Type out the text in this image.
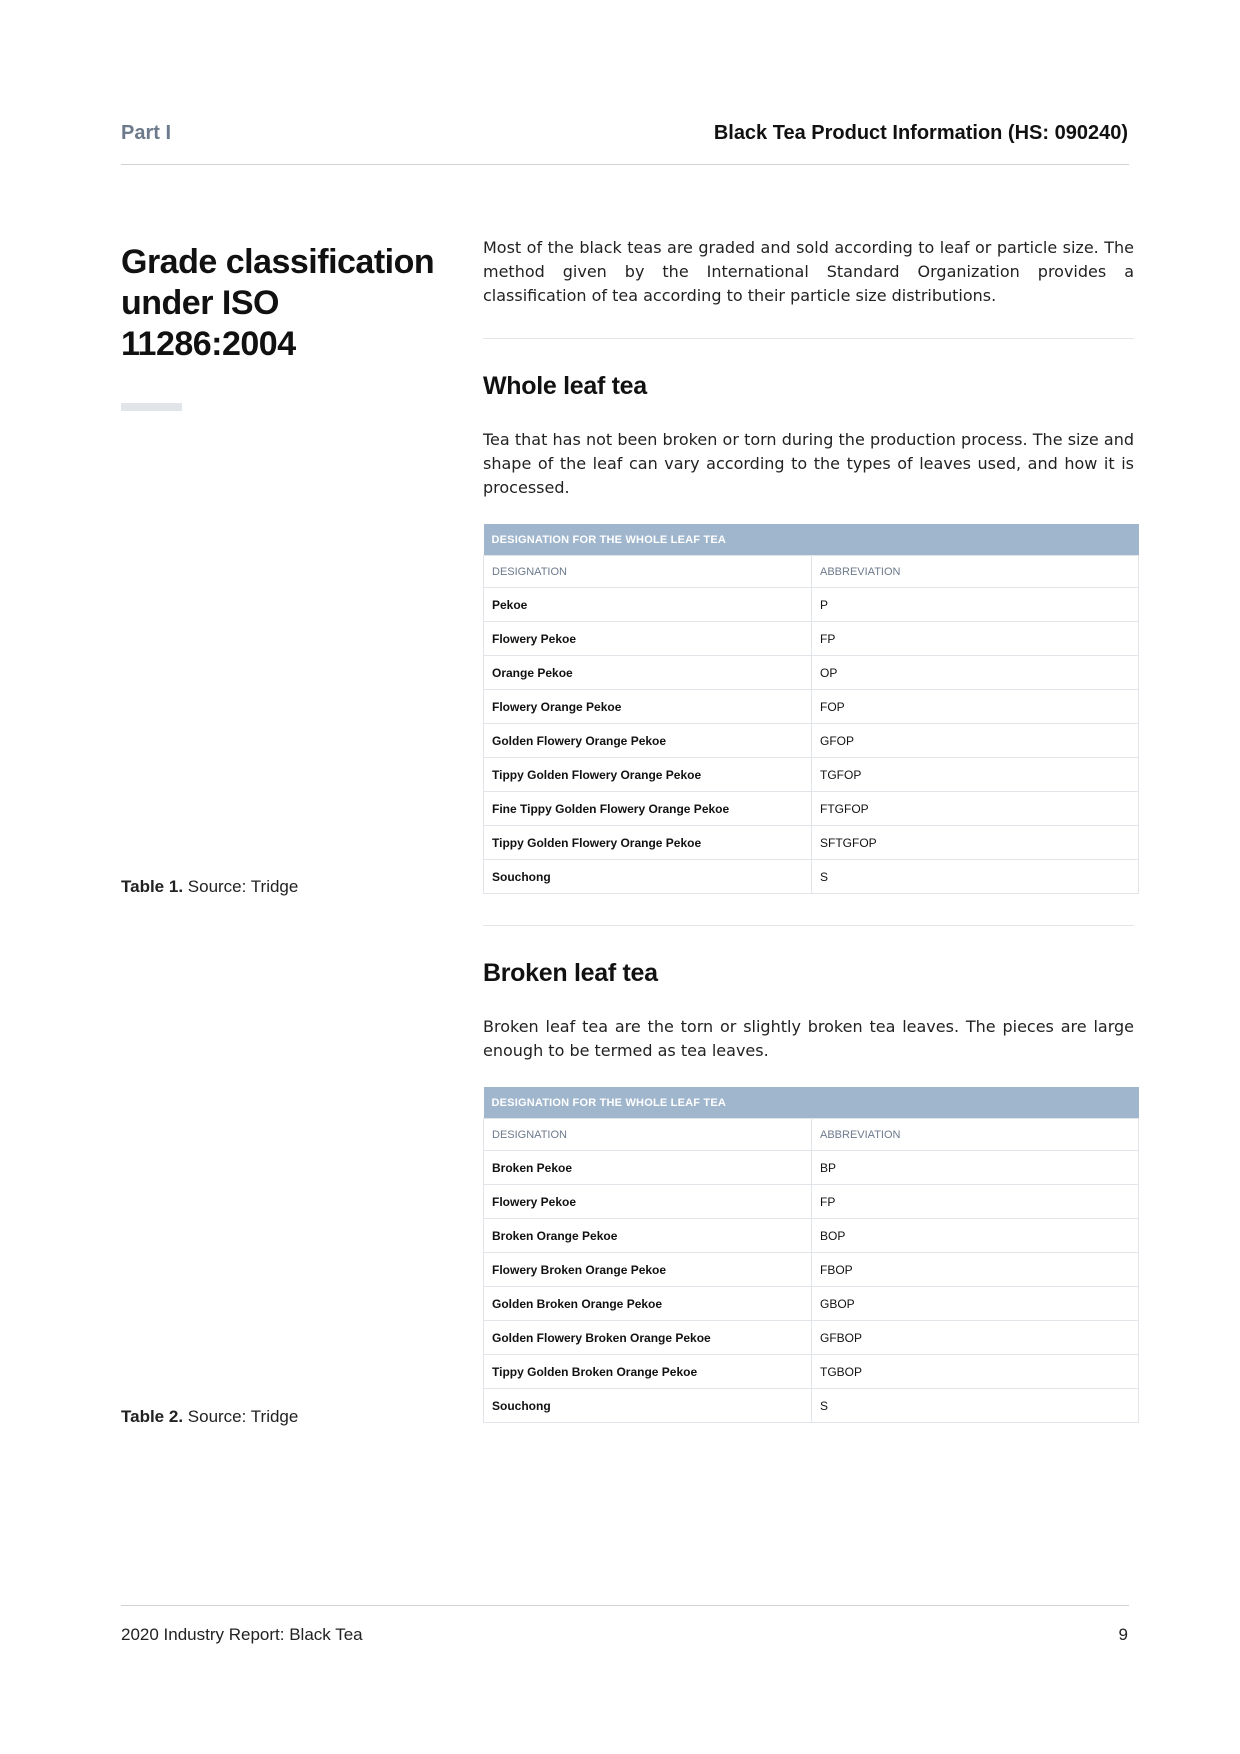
Part I	Black Tea Product Information (HS: 090240)
Grade classification under ISO 11286:2004
Table 1. Source: Tridge
Table 2. Source: Tridge

Most of the black teas are graded and sold according to leaf or particle size. The method given by the International Standard Organization provides a classification of tea according to their particle size distributions.

Whole leaf tea

Tea that has not been broken or torn during the production process. The size and shape of the leaf can vary according to the types of leaves used, and how it is processed.

DESIGNATION FOR THE WHOLE LEAF TEA	
DESIGNATION	ABBREVIATION
Pekoe	P
Flowery Pekoe	FP
Orange Pekoe	OP
Flowery Orange Pekoe	FOP
Golden Flowery Orange Pekoe	GFOP
Tippy Golden Flowery Orange Pekoe	TGFOP
Fine Tippy Golden Flowery Orange Pekoe	FTGFOP
Tippy Golden Flowery Orange Pekoe	SFTGFOP
Souchong	S
Broken leaf tea

Broken leaf tea are the torn or slightly broken tea leaves. The pieces are large enough to be termed as tea leaves.

DESIGNATION FOR THE WHOLE LEAF TEA	
DESIGNATION	ABBREVIATION
Broken Pekoe	BP
Flowery Pekoe	FP
Broken Orange Pekoe	BOP
Flowery Broken Orange Pekoe	FBOP
Golden Broken Orange Pekoe	GBOP
Golden Flowery Broken Orange Pekoe	GFBOP
Tippy Golden Broken Orange Pekoe	TGBOP
Souchong	S
2020 Industry Report: Black Tea	9
